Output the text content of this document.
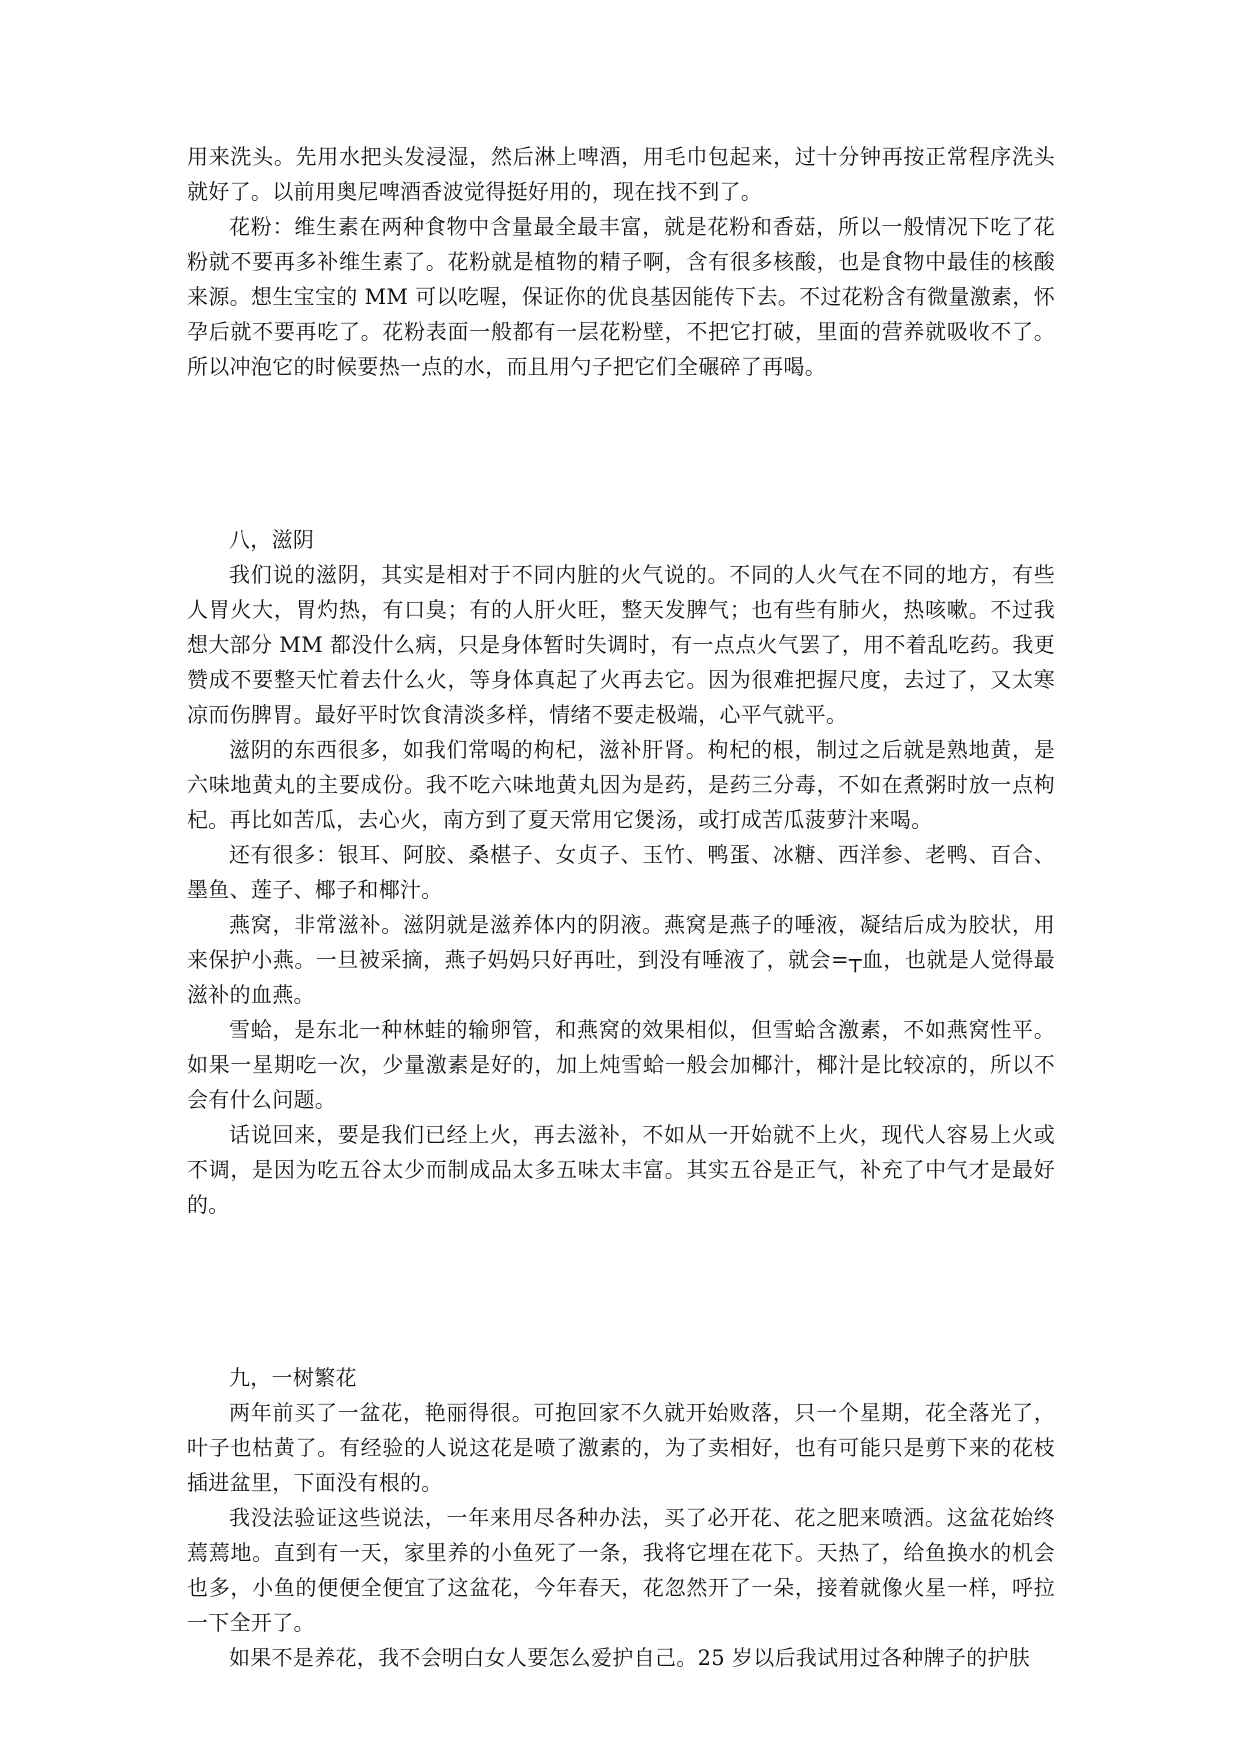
用来洗头。先用水把头发浸湿，然后淋上啤酒，用毛巾包起来，过十分钟再按正常程序洗头就好了。以前用奥尼啤酒香波觉得挺好用的，现在找不到了。

花粉：维生素在两种食物中含量最全最丰富，就是花粉和香菇，所以一般情况下吃了花粉就不要再多补维生素了。花粉就是植物的精子啊，含有很多核酸，也是食物中最佳的核酸来源。想生宝宝的 MM 可以吃喔，保证你的优良基因能传下去。不过花粉含有微量激素，怀孕后就不要再吃了。花粉表面一般都有一层花粉壁，不把它打破，里面的营养就吸收不了。所以冲泡它的时候要热一点的水，而且用勺子把它们全碾碎了再喝。

八，滋阴

我们说的滋阴，其实是相对于不同内脏的火气说的。不同的人火气在不同的地方，有些人胃火大，胃灼热，有口臭；有的人肝火旺，整天发脾气；也有些有肺火，热咳嗽。不过我想大部分 MM 都没什么病，只是身体暂时失调时，有一点点火气罢了，用不着乱吃药。我更赞成不要整天忙着去什么火，等身体真起了火再去它。因为很难把握尺度，去过了，又太寒凉而伤脾胃。最好平时饮食清淡多样，情绪不要走极端，心平气就平。

滋阴的东西很多，如我们常喝的枸杞，滋补肝肾。枸杞的根，制过之后就是熟地黄，是六味地黄丸的主要成份。我不吃六味地黄丸因为是药，是药三分毒，不如在煮粥时放一点枸杞。再比如苦瓜，去心火，南方到了夏天常用它煲汤，或打成苦瓜菠萝汁来喝。

还有很多：银耳、阿胶、桑椹子、女贞子、玉竹、鸭蛋、冰糖、西洋参、老鸭、百合、墨鱼、莲子、椰子和椰汁。

燕窝，非常滋补。滋阴就是滋养体内的阴液。燕窝是燕子的唾液，凝结后成为胶状，用来保护小燕。一旦被采摘，燕子妈妈只好再吐，到没有唾液了，就会=┬血，也就是人觉得最滋补的血燕。

雪蛤，是东北一种林蛙的输卵管，和燕窝的效果相似，但雪蛤含激素，不如燕窝性平。如果一星期吃一次，少量激素是好的，加上炖雪蛤一般会加椰汁，椰汁是比较凉的，所以不会有什么问题。

话说回来，要是我们已经上火，再去滋补，不如从一开始就不上火，现代人容易上火或不调，是因为吃五谷太少而制成品太多五味太丰富。其实五谷是正气，补充了中气才是最好的。

九，一树繁花

两年前买了一盆花，艳丽得很。可抱回家不久就开始败落，只一个星期，花全落光了，叶子也枯黄了。有经验的人说这花是喷了激素的，为了卖相好，也有可能只是剪下来的花枝插进盆里，下面没有根的。

我没法验证这些说法，一年来用尽各种办法，买了必开花、花之肥来喷洒。这盆花始终蔫蔫地。直到有一天，家里养的小鱼死了一条，我将它埋在花下。天热了，给鱼换水的机会也多，小鱼的便便全便宜了这盆花，今年春天，花忽然开了一朵，接着就像火星一样，呼拉一下全开了。

如果不是养花，我不会明白女人要怎么爱护自己。25 岁以后我试用过各种牌子的护肤
